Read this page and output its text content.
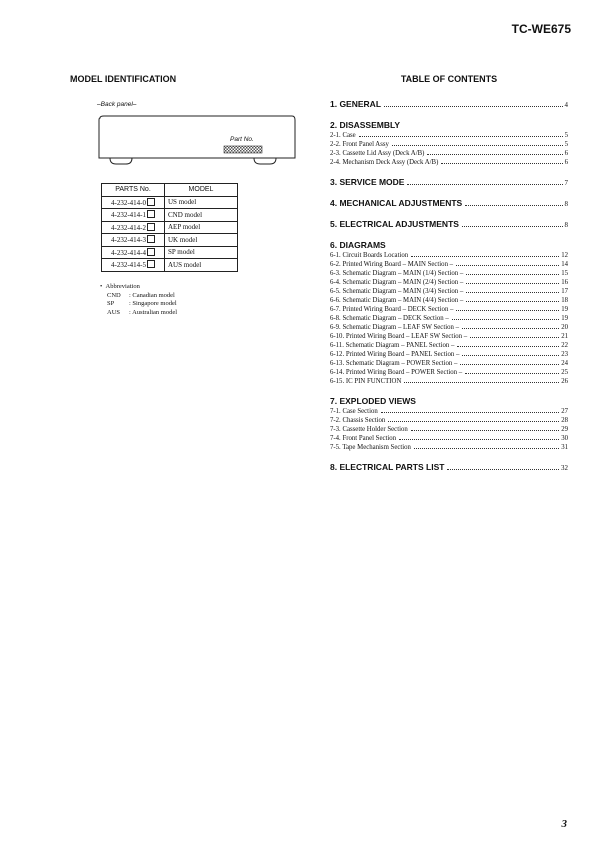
TC-WE675
MODEL IDENTIFICATION	TABLE OF CONTENTS
–Back panel–
Part No.
PARTS No.	MODEL
4-232-414-0	US model
4-232-414-1	CND model
4-232-414-2	AEP model
4-232-414-3	UK model
4-232-414-4	SP model
4-232-414-5	AUS model
•  Abbreviation
CND	: Canadian model
SP	: Singapore model
AUS	: Australian model
1. GENERAL	4
2. DISASSEMBLY
2-1. Case	5
2-2. Front Panel Assy	5
2-3. Cassette Lid Assy (Deck A/B)	6
2-4. Mechanism Deck Assy (Deck A/B)	6
3. SERVICE MODE	7
4. MECHANICAL ADJUSTMENTS	8
5. ELECTRICAL ADJUSTMENTS	8
6. DIAGRAMS
6-1. Circuit Boards Location	12
6-2. Printed Wiring Board – MAIN Section –	14
6-3. Schematic Diagram – MAIN (1/4) Section –	15
6-4. Schematic Diagram – MAIN (2/4) Section –	16
6-5. Schematic Diagram – MAIN (3/4) Section –	17
6-6. Schematic Diagram – MAIN (4/4) Section –	18
6-7. Printed Wiring Board – DECK Section –	19
6-8. Schematic Diagram – DECK Section –	19
6-9. Schematic Diagram – LEAF SW Section –	20
6-10. Printed Wiring Board – LEAF SW Section –	21
6-11. Schematic Diagram – PANEL Section –	22
6-12. Printed Wiring Board – PANEL Section –	23
6-13. Schematic Diagram – POWER Section –	24
6-14. Printed Wiring Board – POWER Section –	25
6-15. IC PIN FUNCTION	26
7. EXPLODED VIEWS
7-1. Case Section	27
7-2. Chassis Section	28
7-3. Cassette Holder Section	29
7-4. Front Panel Section	30
7-5. Tape Mechanism Section	31
8. ELECTRICAL PARTS LIST	32
3
